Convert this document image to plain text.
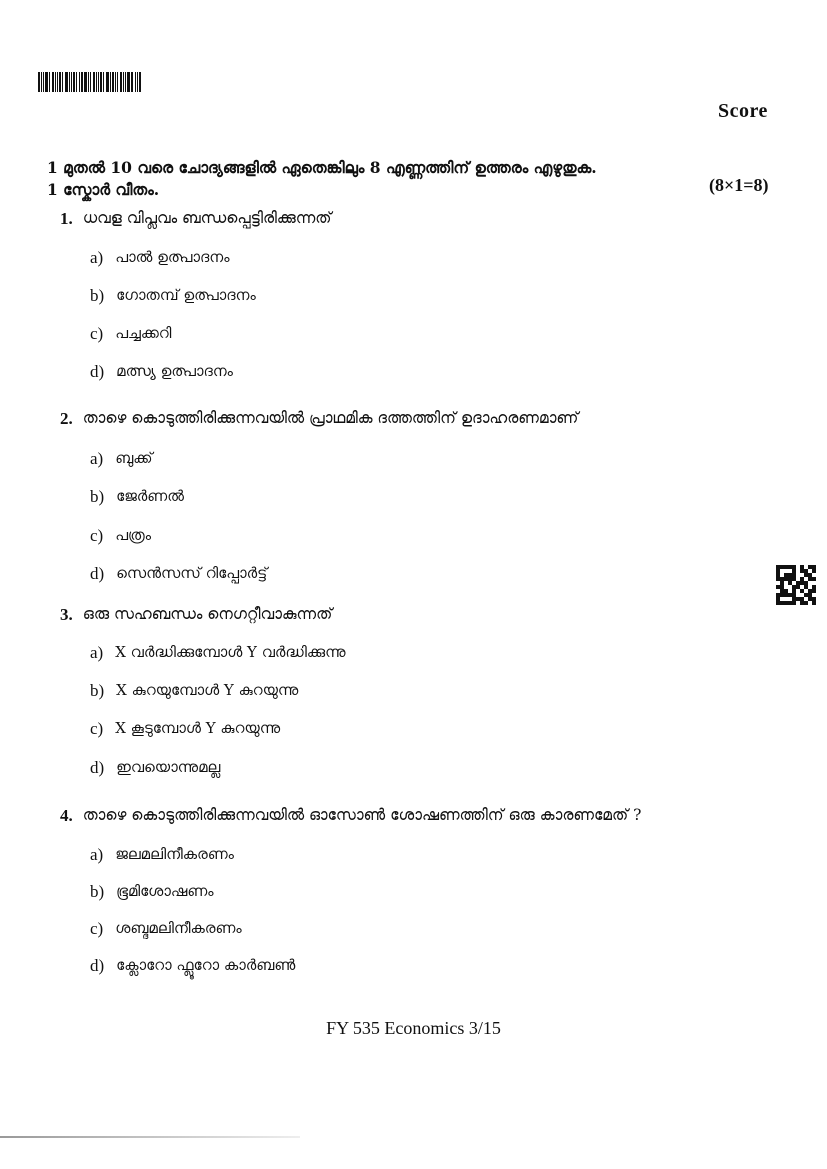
Score
1 മുതൽ 10 വരെ ചോദ്യങ്ങളിൽ ഏതെങ്കിലും 8 എണ്ണത്തിന് ഉത്തരം എഴുതുക.
1 സ്കോർ വീതം.	(8×1=8)
1. ധവള വിപ്ലവം ബന്ധപ്പെട്ടിരിക്കുന്നത്
a) പാൽ ഉത്പാദനം
b) ഗോതമ്പ് ഉത്പാദനം
c) പച്ചക്കറി
d) മത്സ്യ ഉത്പാദനം
2. താഴെ കൊടുത്തിരിക്കുന്നവയിൽ പ്രാഥമിക ദത്തത്തിന് ഉദാഹരണമാണ്
a) ബുക്ക്
b) ജേർണൽ
c) പത്രം
d) സെൻസസ് റിപ്പോർട്ട്
3. ഒരു സഹബന്ധം നെഗറ്റീവാകുന്നത്
a) X വർദ്ധിക്കുമ്പോൾ Y വർദ്ധിക്കുന്നു
b) X കുറയുമ്പോൾ Y കുറയുന്നു
c) X കൂടുമ്പോൾ Y കുറയുന്നു
d) ഇവയൊന്നുമല്ല
4. താഴെ കൊടുത്തിരിക്കുന്നവയിൽ ഓസോൺ ശോഷണത്തിന് ഒരു കാരണമേത് ?
a) ജലമലിനീകരണം
b) ഭൂമിശോഷണം
c) ശബ്ദമലിനീകരണം
d) ക്ലോറോ ഫ്ലൂറോ കാർബൺ
FY 535 Economics 3/15
